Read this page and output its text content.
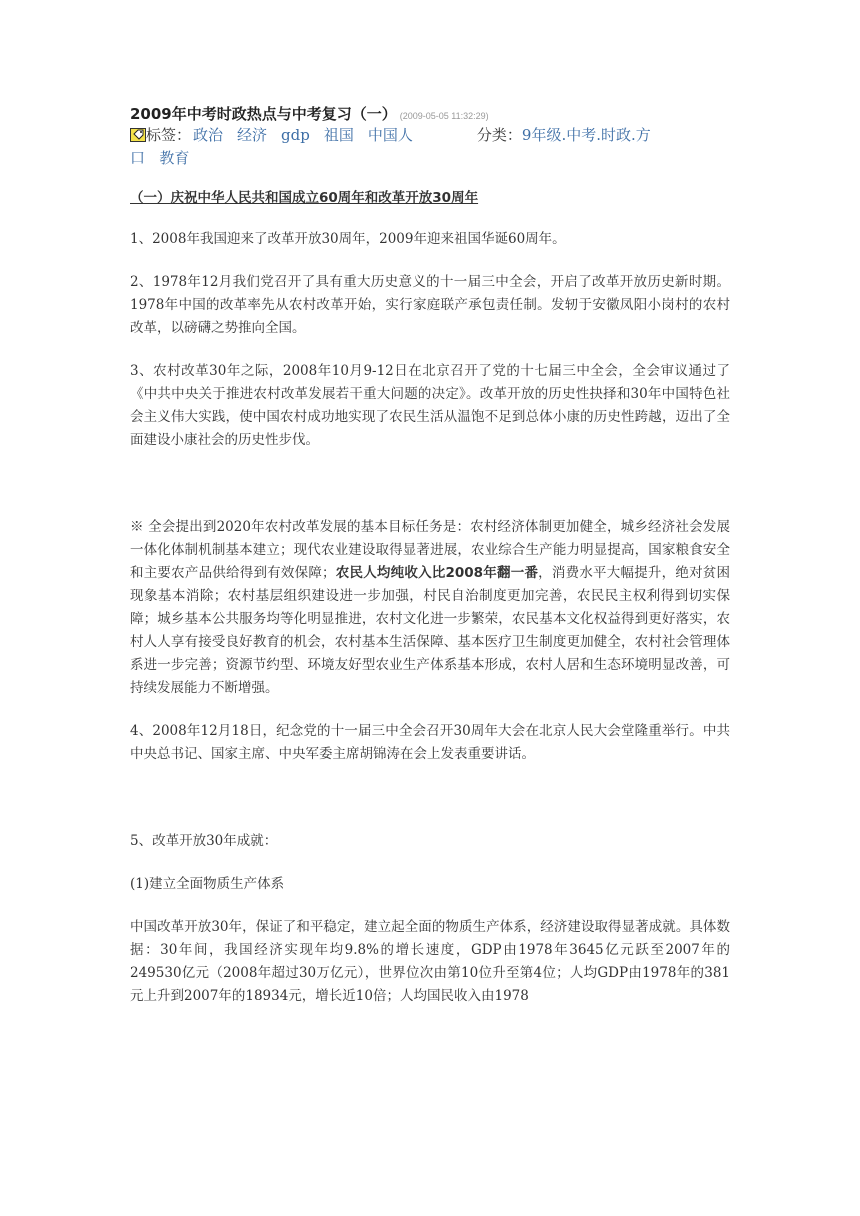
2009年中考时政热点与中考复习（一） (2009-05-05 11:32:29)
标签： 政治 经济 gdp 祖国 中国人	分类：9年级.中考.时政.方
口 教育
（一）庆祝中华人民共和国成立60周年和改革开放30周年

1、2008年我国迎来了改革开放30周年，2009年迎来祖国华诞60周年。

2、1978年12月我们党召开了具有重大历史意义的十一届三中全会，开启了改革开放历史新时期。1978年中国的改革率先从农村改革开始，实行家庭联产承包责任制。发轫于安徽凤阳小岗村的农村改革，以磅礴之势推向全国。

3、农村改革30年之际，2008年10月9-12日在北京召开了党的十七届三中全会，全会审议通过了《中共中央关于推进农村改革发展若干重大问题的决定》。改革开放的历史性抉择和30年中国特色社会主义伟大实践，使中国农村成功地实现了农民生活从温饱不足到总体小康的历史性跨越，迈出了全面建设小康社会的历史性步伐。

※ 全会提出到2020年农村改革发展的基本目标任务是：农村经济体制更加健全，城乡经济社会发展一体化体制机制基本建立；现代农业建设取得显著进展，农业综合生产能力明显提高，国家粮食安全和主要农产品供给得到有效保障；农民人均纯收入比2008年翻一番，消费水平大幅提升，绝对贫困现象基本消除；农村基层组织建设进一步加强，村民自治制度更加完善，农民民主权利得到切实保障；城乡基本公共服务均等化明显推进，农村文化进一步繁荣，农民基本文化权益得到更好落实，农村人人享有接受良好教育的机会，农村基本生活保障、基本医疗卫生制度更加健全，农村社会管理体系进一步完善；资源节约型、环境友好型农业生产体系基本形成，农村人居和生态环境明显改善，可持续发展能力不断增强。

4、2008年12月18日，纪念党的十一届三中全会召开30周年大会在北京人民大会堂隆重举行。中共中央总书记、国家主席、中央军委主席胡锦涛在会上发表重要讲话。

5、改革开放30年成就：

(1)建立全面物质生产体系

中国改革开放30年，保证了和平稳定，建立起全面的物质生产体系，经济建设取得显著成就。具体数据：30年间，我国经济实现年均9.8%的增长速度，GDP由1978年3645亿元跃至2007年的249530亿元（2008年超过30万亿元），世界位次由第10位升至第4位；人均GDP由1978年的381元上升到2007年的18934元，增长近10倍；人均国民收入由1978
